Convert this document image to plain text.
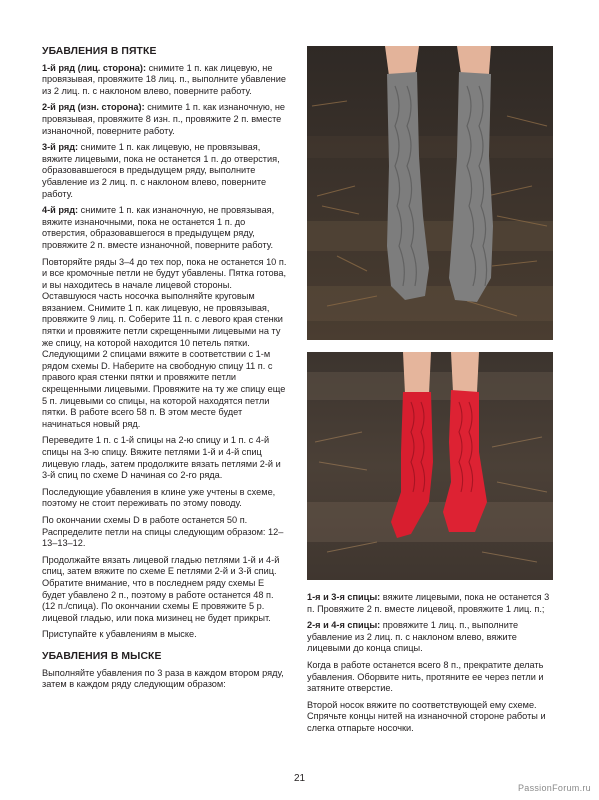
УБАВЛЕНИЯ В ПЯТКЕ

1-й ряд (лиц. сторона): снимите 1 п. как лицевую, не провязывая, провяжите 18 лиц. п., выполните убавление из 2 лиц. п. с наклоном влево, поверните работу.

2-й ряд (изн. сторона): снимите 1 п. как изнаночную, не провязывая, провяжите 8 изн. п., провяжите 2 п. вместе изнаночной, поверните работу.

3-й ряд: снимите 1 п. как лицевую, не провязывая, вяжите лицевыми, пока не останется 1 п. до отверстия, образовавшегося в предыдущем ряду, выполните убавление из 2 лиц. п. с наклоном влево, поверните работу.

4-й ряд: снимите 1 п. как изнаночную, не провязывая, вяжите изнаночными, пока не останется 1 п. до отверстия, образовавшегося в предыдущем ряду, провяжите 2 п. вместе изнаночной, поверните работу.

Повторяйте ряды 3–4 до тех пор, пока не останется 10 п. и все кромочные петли не будут убавлены. Пятка готова, и вы находитесь в начале лицевой стороны. Оставшуюся часть носочка выполняйте круговым вязанием. Снимите 1 п. как лицевую, не провязывая, провяжите 9 лиц. п. Соберите 11 п. с левого края стенки пятки и провяжите петли скрещенными лицевыми на ту же спицу, на которой находится 10 петель пятки. Следующими 2 спицами вяжите в соответствии с 1-м рядом схемы D. Наберите на свободную спицу 11 п. с правого края стенки пятки и провяжите петли скрещенными лицевыми. Провяжите на ту же спицу еще 5 п. лицевыми со спицы, на которой находятся петли пятки. В работе всего 58 п. В этом месте будет начинаться новый ряд.

Переведите 1 п. с 1-й спицы на 2-ю спицу и 1 п. с 4-й спицы на 3-ю спицу. Вяжите петлями 1-й и 4-й спиц лицевую гладь, затем продолжите вязать петлями 2-й и 3-й спиц по схеме D начиная со 2-го ряда.

Последующие убавления в клине уже учтены в схеме, поэтому не стоит переживать по этому поводу.

По окончании схемы D в работе останется 50 п. Распределите петли на спицы следующим образом: 12–13–13–12.

Продолжайте вязать лицевой гладью петлями 1-й и 4-й спиц, затем вяжите по схеме E петлями 2-й и 3-й спиц. Обратите внимание, что в последнем ряду схемы E будет убавлено 2 п., поэтому в работе останется 48 п. (12 п./спица). По окончании схемы E провяжите 5 р. лицевой гладью, или пока мизинец не будет прикрыт.

Приступайте к убавлениям в мыске.

УБАВЛЕНИЯ В МЫСКЕ

Выполняйте убавления по 3 раза в каждом втором ряду, затем в каждом ряду следующим образом:

1-я и 3-я спицы: вяжите лицевыми, пока не останется 3 п. Провяжите 2 п. вместе лицевой, провяжите 1 лиц. п.;

2-я и 4-я спицы: провяжите 1 лиц. п., выполните убавление из 2 лиц. п. с наклоном влево, вяжите лицевыми до конца спицы.

Когда в работе останется всего 8 п., прекратите делать убавления. Оборвите нить, протяните ее через петли и затяните отверстие.

Второй носок вяжите по соответствующей ему схеме. Спрячьте концы нитей на изнаночной стороне работы и слегка отпарьте носочки.

21
PassionForum.ru
